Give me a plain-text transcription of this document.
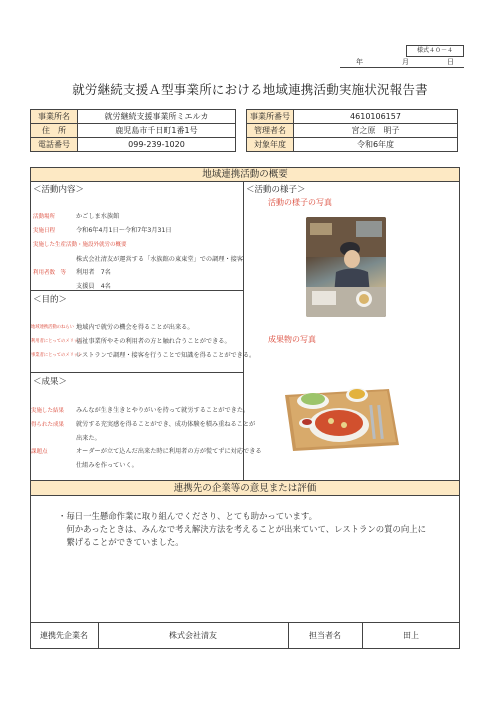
様式４０－４
年	月	日
就労継続支援Ａ型事業所における地域連携活動実施状況報告書
事業所名	就労継続支援事業所ミエルカ
住　所	鹿児島市千日町1番1号
電話番号	099-239-1020
事業所番号	4610106157
管理者名	宮之原　明子
対象年度	令和6年度
地域連携活動の概要
＜活動内容＞
活動場所	かごしま水族館
実施日程	令和6年4月1日～令和7年3月31日
実施した生産活動・施設外就労の概要
株式会社清友が運営する「水族館の東東堂」での調理・接客
利用者数　等 利用者　7名
支援員　4名
＜目的＞
地域連携活動のねらい 地域内で就労の機会を得ることが出来る。
利用者にとってのメリット
福祉事業所やその利用者の方と触れ合うことができる。
事業者にとってのメリット
レストランで調理・接客を行うことで知識を得ることができる。
＜成果＞
実施した結果 みんなが生き生きとやりがいを持って就労することができた。
得られた成果 就労する充実感を得ることができ、成功体験を積み重ねることが
出来た。
課題点	オーダーが立て込んだ出来た時に利用者の方が慌てずに対応できる
仕組みを作っていく。
＜活動の様子＞
活動の様子の写真
成果物の写真
連携先の企業等の意見または評価
・毎日一生懸命作業に取り組んでくださり、とても助かっています。
　何かあったときは、みんなで考え解決方法を考えることが出来ていて、レストランの質の向上に
　繋げることができていました。
連携先企業名	株式会社清友	担当者名	田上
